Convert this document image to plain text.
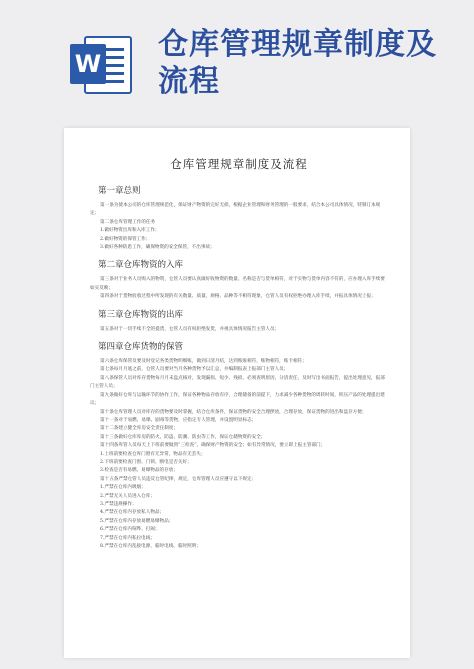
W
仓库管理规章制度及流程
仓库管理规章制度及流程
第一章总则
第一条为使本公司的仓库管理规范化，保证财产物资的完好无损，根据企业管理和财务管理的一般要求，结合本公司具体情况，特制订本规定；
第二条仓库管理工作的任务
1.做好物资出库和入库工作；
2.做好物资的保管工作；
3.做好各种防患工作，确保物资的安全保管，不出事故；
第二章仓库物资的入库
第三条对于业务人员购入的物资，仓管人员要认真做好收物资的数量、名称是否与货单相符，对于实物与货单内容不符的，应办理入库手续要如实反映；
第四条对于货物验收过程中所发现的有关数量、质量、规格、品种等不相符现象，仓管人员有权拒绝办理入库手续，并报具体情况上报；
第三章仓库物资的出库
第五条对于一切手续不全的提货，仓管人员有权拒绝发货，并视具体情况报告主管人员；
第四章仓库货物的保管
第六条仓库保管员要及时登记各类货物明细账，做到日清月结，达到账账相符，账物相符，账卡相符；
第七条每月月底之前，仓管人员要对当月各种货物予以汇总，并编制报表上报部门主管人员；
第八条保管人员对库存货物每月月末盘点核对，发现漏损、短少、残损、必须查明原因，分清责任，及时写出书面报告，提出处理意见，报部门主管人员；
第九条做好仓库与运输环节的协作工作，保证各种物品存放有序，合理储备的前提下，力求减少各种货物的周转时间，积压产品的处理提出建议；
第十条仓库管理人员对库存的货物要及时掌握，结合仓库条件，保证货物的安全合理摆放，合理存放，保证货物的进出和盘存方便；
第十一条对于易燃、易爆、剧毒等货物，应指定专人管理，并设置明显标志；
第十二条建立健全库房安全责任制度；
第十三条做好仓库库房的防火、防盗、防潮、防虫等工作，保证仓储物资的安全；
第十四条库管人员每天上下班前要做到“三检查”，确保财产物资的安全；如有异常情况，要立即上报主管部门；
1.上班前要检查仓库门窗有无异常，物品有无丢失；
2.下班前要检查门窗、门锁、断电是否关好；
3.检查是否有易燃、易爆物品的存放；
第十五条严禁仓管人员违反仓管纪律，规定，仓库管理人员应遵守以下规定；
1.严禁在仓库内吸烟；
2.严禁无关人员进入仓库；
3.严禁违规操作；
4.严禁在仓库内存放私人物品；
5.严禁在仓库内存放易燃易爆物品；
6.严禁在仓库内喧哗、打闹；
7.严禁在仓库内私拉电线；
8.严禁在仓库内乱接电源、临时电线、临时照明；
